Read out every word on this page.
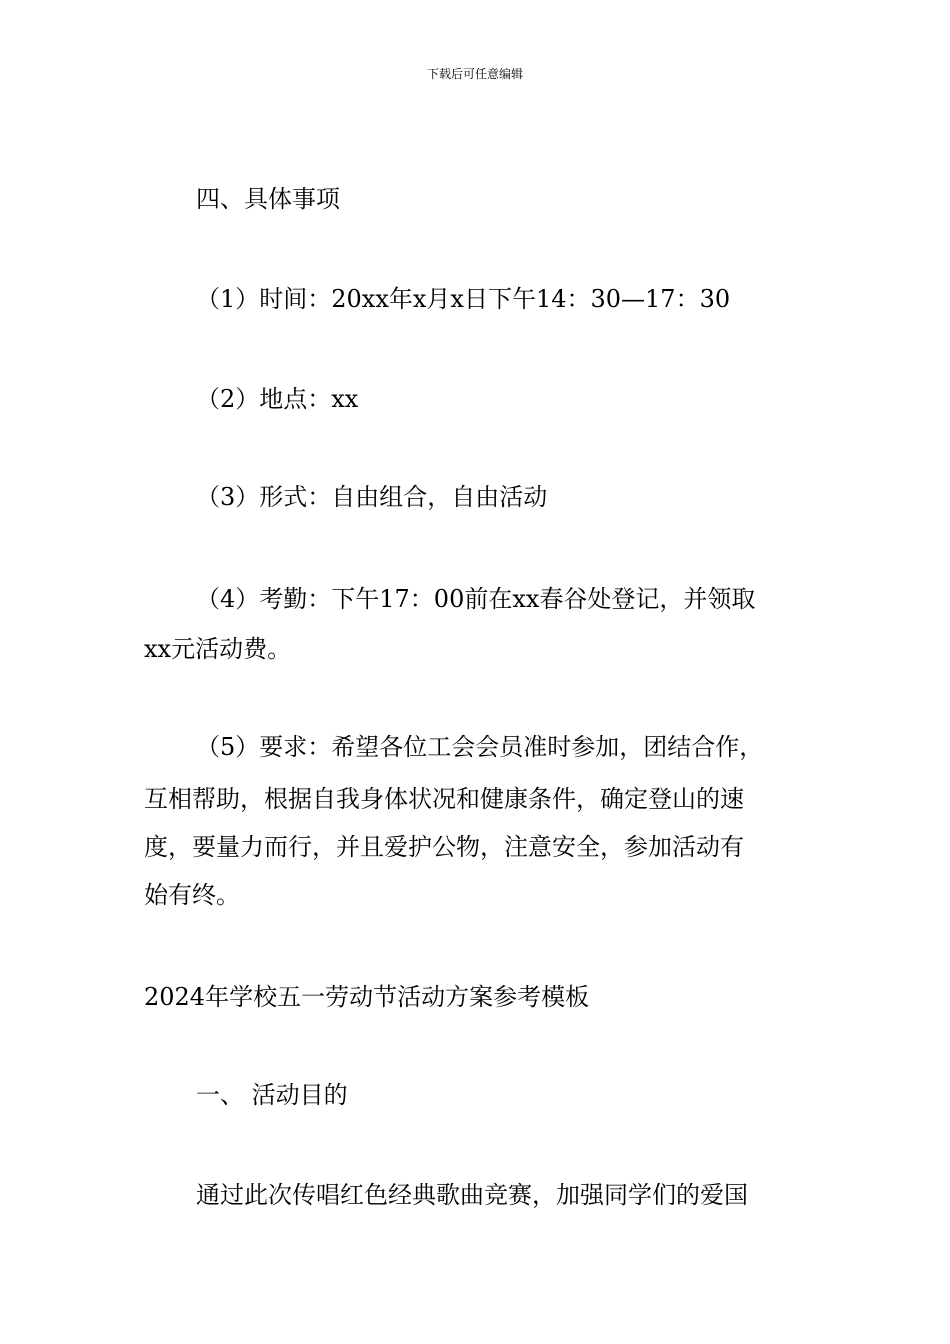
下载后可任意编辑
四、具体事项
（1）时间：20xx年x月x日下午14：30—17：30
（2）地点：xx
（3）形式：自由组合，自由活动
（4）考勤：下午17：00前在xx春谷处登记，并领取
xx元活动费。
（5）要求：希望各位工会会员准时参加，团结合作，
互相帮助，根据自我身体状况和健康条件，确定登山的速
度，要量力而行，并且爱护公物，注意安全，参加活动有
始有终。
2024年学校五一劳动节活动方案参考模板
一、 活动目的
通过此次传唱红色经典歌曲竞赛，加强同学们的爱国
